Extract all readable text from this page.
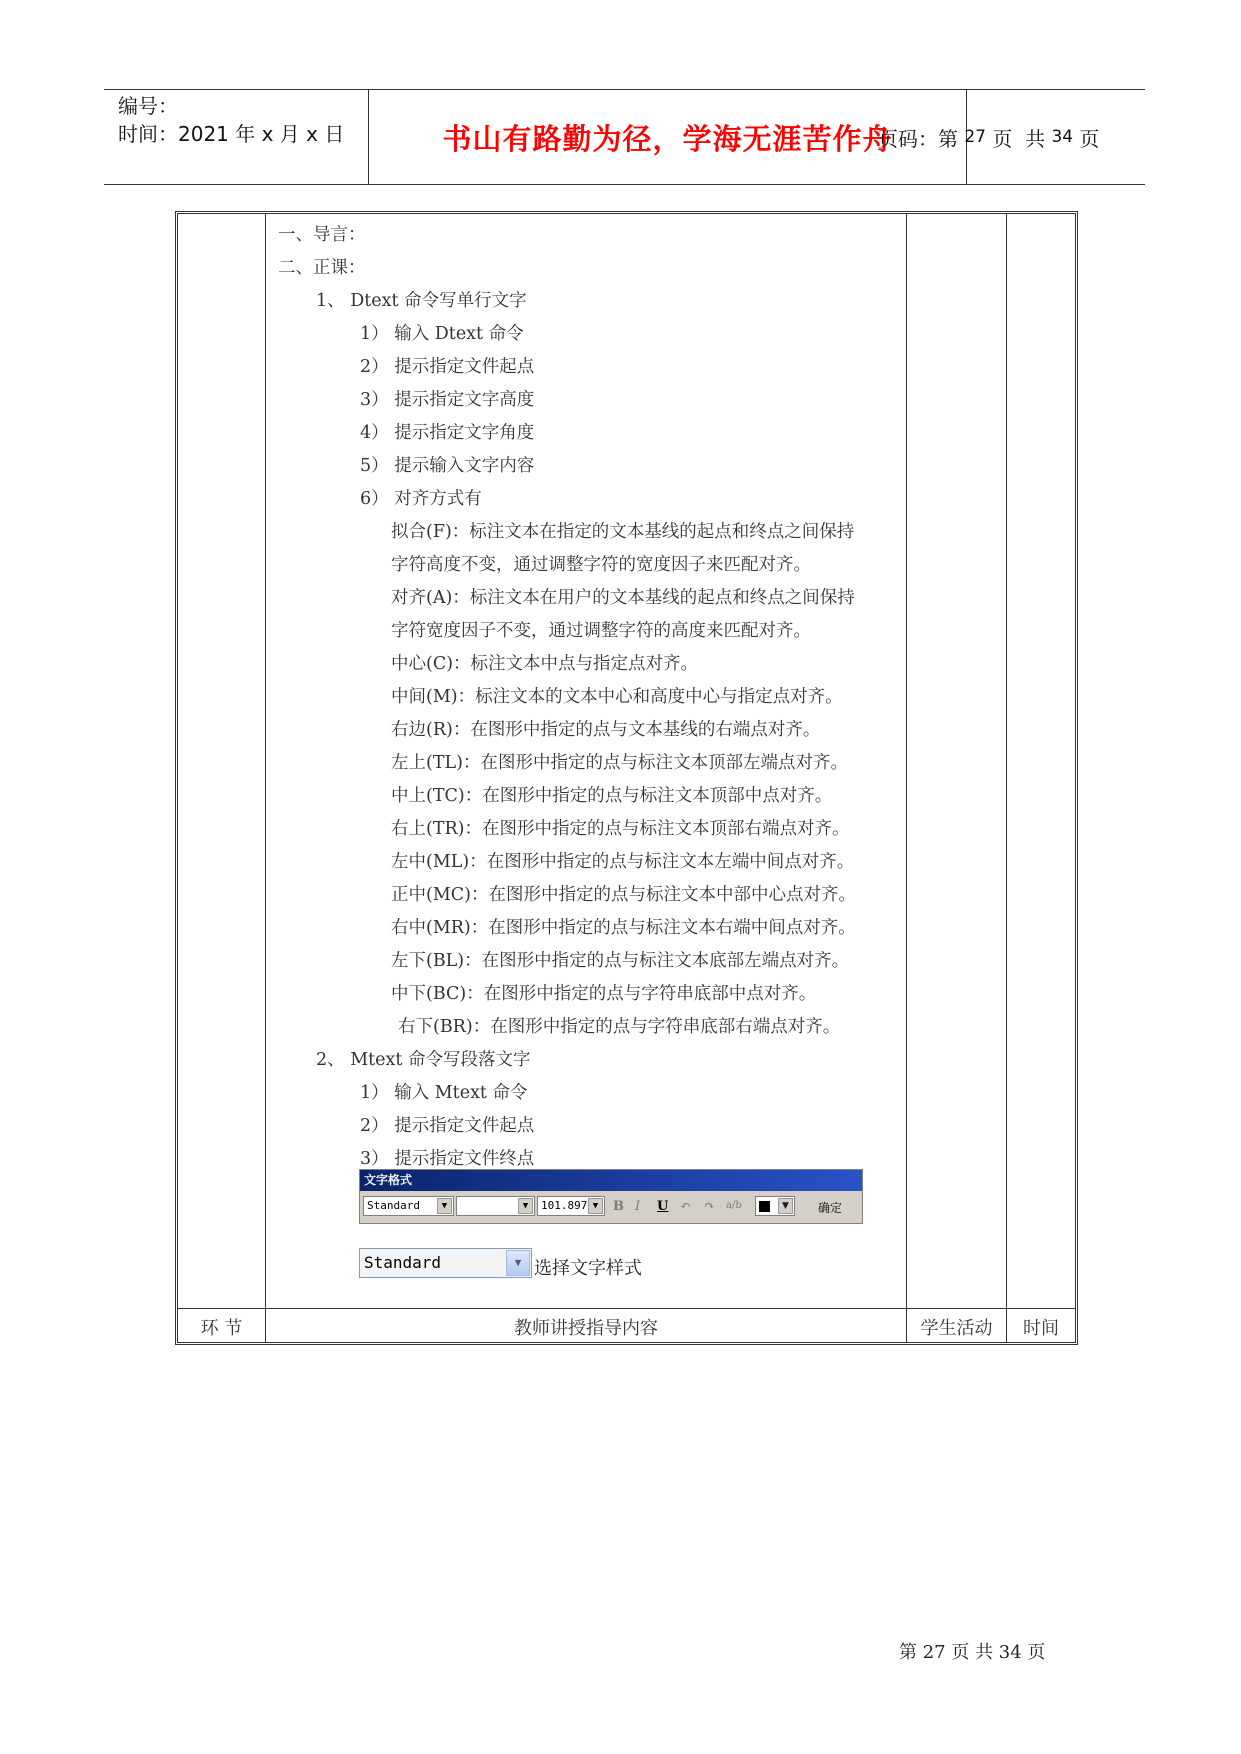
编号：
时间：2021 年 x 月 x 日	书山有路勤为径，学海无涯苦作舟
页码：第 27 页  共 34 页
一、导言：
二、正课：
1、 Dtext 命令写单行文字
1） 输入 Dtext 命令
2） 提示指定文件起点
3） 提示指定文字高度
4） 提示指定文字角度
5） 提示输入文字内容
6） 对齐方式有
拟合(F)：标注文本在指定的文本基线的起点和终点之间保持
字符高度不变，通过调整字符的宽度因子来匹配对齐。
对齐(A)：标注文本在用户的文本基线的起点和终点之间保持
字符宽度因子不变，通过调整字符的高度来匹配对齐。
中心(C)：标注文本中点与指定点对齐。
中间(M)：标注文本的文本中心和高度中心与指定点对齐。
右边(R)：在图形中指定的点与文本基线的右端点对齐。
左上(TL)：在图形中指定的点与标注文本顶部左端点对齐。
中上(TC)：在图形中指定的点与标注文本顶部中点对齐。
右上(TR)：在图形中指定的点与标注文本顶部右端点对齐。
左中(ML)：在图形中指定的点与标注文本左端中间点对齐。
正中(MC)：在图形中指定的点与标注文本中部中心点对齐。
右中(MR)：在图形中指定的点与标注文本右端中间点对齐。
左下(BL)：在图形中指定的点与标注文本底部左端点对齐。
中下(BC)：在图形中指定的点与字符串底部中点对齐。
右下(BR)：在图形中指定的点与字符串底部右端点对齐。
2、 Mtext 命令写段落文字
1） 输入 Mtext 命令
2） 提示指定文件起点
3） 提示指定文件终点
文字格式
Standard	▼	▼	101.897 ▼	B I U ↶ ↷ a/b	▼	确定
Standard	▼ 选择文字样式
环 节	教师讲授指导内容	学生活动	时间
第 27 页 共 34 页
